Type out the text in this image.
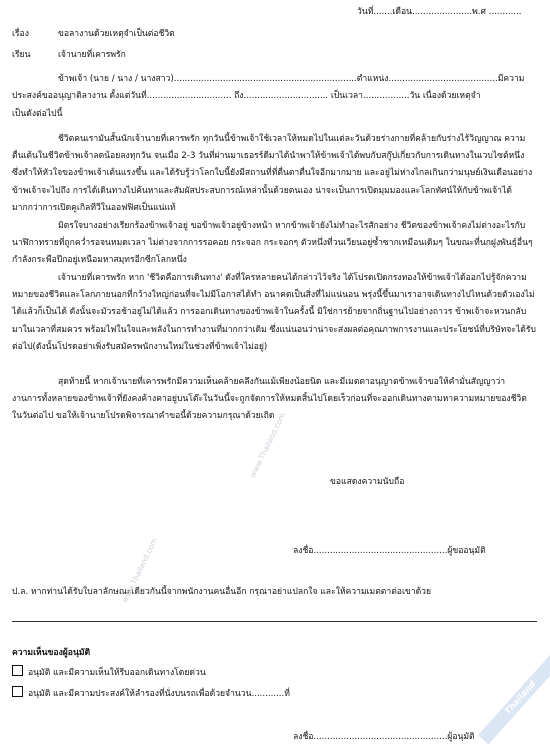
วันที่.......เดือน......................พ.ศ ............
เรื่อง	ขอลางานด้วยเหตุจำเป็นต่อชีวิต
เรียน	เจ้านายที่เคารพรัก
ข้าพเจ้า (นาย / นาง / นางสาว)...................................................................ตำแหน่ง........................................มีความ
ประสงค์ขออนุญาติลางาน ตั้งแต่วันที่............................... ถึง............................... เป็นเวลา.................วัน เนื่องด้วยเหตุจำ
เป็นดังต่อไปนี้
ชีวิตคนเรามันสั้นนักเจ้านายที่เคารพรัก ทุกวันนี้ข้าพเจ้าใช้เวลาให้หมดไปในแต่ละวันด้วยร่างกายที่คล้ายกับร่างไร้วิญญาณ ความตื่นเต้นในชีวิตข้าพเจ้าลดน้อยลงทุกวัน จนเมื่อ 2-3 วันที่ผ่านมาเธอรร์ดีมาได้นำพาให้ข้าพเจ้าได้พบกับสกู๊ปเกี่ยวกับการเดินทางในเวบไซต์หนึ่ง ซึ่งทำให้หัวใจของข้าพเจ้าเต้นแรงขึ้น และได้รับรู้ว่าโลกใบนี้ยังมีสถานที่ที่ตื่นตาตื่นใจอีกมากมาย และอยู่ไม่ห่างไกลเกินกว่ามนุษย์เงินเดือนอย่างข้าพเจ้าจะไปถึง การได้เดินทางไปค้นหาและสัมผัสประสบการณ์เหล่านั้นด้วยตนเอง น่าจะเป็นการเปิดมุมมองและโลกทัศน์ให้กับข้าพเจ้าได้มากกว่าการเปิดคูเกิลทีวีในออฟฟิศเป็นแน่แท้
มิตรใจบางอย่างเรียกร้องข้าพเจ้าอยู่ ขอข้าพเจ้าอยู่ข้างหน้า หากข้าพเจ้ายังไม่ทำอะไรสักอย่าง ชีวิตของข้าพเจ้าคงไม่ต่างอะไรกับนาฬิกาทรายที่ถูกคว่ำรอจนหมดเวลา ไม่ต่างจากการรอคอย กระจอก กระจอกๆ ตัวหนึ่งที่วนเวียนอยู่ซ้ำซากเหมือนเดิมๆ ในขณะที่นกฝูงพันธุ์อื่นๆ กำลังกระพือปีกอยู่เหนือมหาสมุทรอีกซีกโลกหนึ่ง
เจ้านายที่เคารพรัก หาก 'ชีวิตคือการเดินทาง' ดังที่ใครหลายคนได้กล่าวไว้จริง ได้โปรดเปิดกรงทองให้ข้าพเจ้าได้ออกไปรู้จักความหมายของชีวิตและโลกภายนอกที่กว้างใหญ่ก่อนที่จะไม่มีโอกาสได้ทำ อนาคตเป็นสิ่งที่ไม่แน่นอน พรุ่งนี้ขึ้นมาเราอาจเดินทางไปไหนด้วยตัวเองไม่ได้แล้วก็เป็นได้ ดังนั้นจะมัวรอช้าอยู่ไม่ได้แล้ว การออกเดินทางของข้าพเจ้าในครั้งนี้ มิใช่การย้ายจากถิ่นฐานไปอย่างถาวร ข้าพเจ้าจะหวนกลับมาในเวลาที่สมควร พร้อมไฟในใจและพลังในการทำงานที่มากกว่าเดิม ซึ่งแน่นอนว่าน่าจะส่งผลต่อคุณภาพการงานและประโยชน์ที่บริษัทจะได้รับต่อไป(ดังนั้นโปรดอย่าเพิ่งรับสมัครพนักงานใหม่ในช่วงที่ข้าพเจ้าไม่อยู่)
สุดท้ายนี้ หากเจ้านายที่เคารพรักมีความเห็นคล้ายคลึงกันแม้เพียงน้อยนิด และมีเมตตาอนุญาตข้าพเจ้าขอให้คำมั่นสัญญาว่า งานการทั้งหลายของข้าพเจ้าที่ยังคงค้างคาอยู่บนโต๊ะในวันนี้จะถูกจัดการให้หมดสิ้นไปโดยเร็วก่อนที่จะออกเดินทางตามหาความหมายของชีวิตในวันต่อไป ขอให้เจ้านายโปรดพิจารณาคำขอนี้ด้วยความกรุณาด้วยเถิด
ขอแสดงความนับถือ
ลงชื่อ.................................................ผู้ขออนุมัติ
ป.ล. หากท่านได้รับใบลาลักษณะเดียวกันนี้จากพนักงานคนอื่นอีก กรุณาอย่าแปลกใจ และให้ความเมตตาต่อเขาด้วย
ความเห็นของผู้อนุมัติ
อนุมัติ และมีความเห็นให้รีบออกเดินทางโดยด่วน
อนุมัติ และมีความประสงค์ให้ลำรองที่นั่งบนรถเพื่อด้วยจำนวน............ที่
ลงชื่อ.................................................ผู้อนุมัติ
www.Thailand.com
www.Thailand.com
Thailand
